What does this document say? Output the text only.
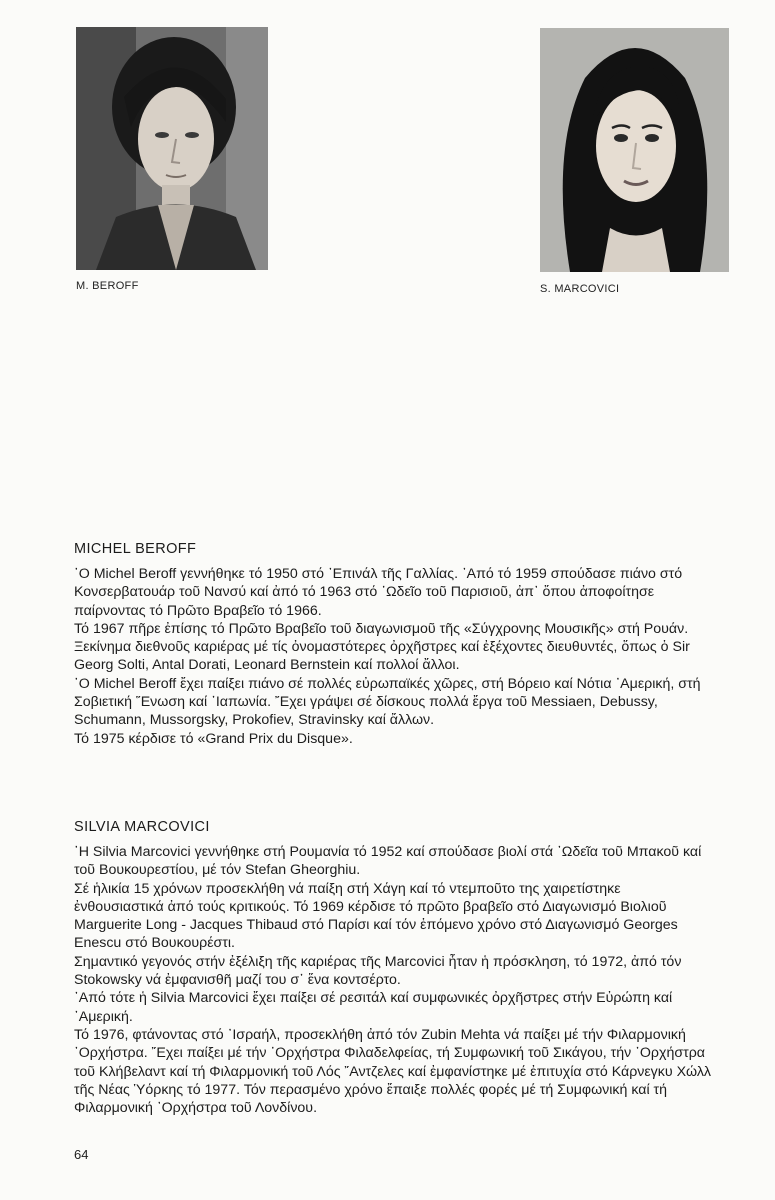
M. BEROFF	S. MARCOVICI
MICHEL BEROFF

῾Ο Michel Beroff γεννήθηκε τό 1950 στό ᾽Επινάλ τῆς Γαλλίας. ᾽Από τό 1959 σπούδασε πιάνο στό Κονσερβατουάρ τοῦ Νανσύ καί ἀπό τό 1963 στό ᾽Ωδεῖο τοῦ Παρισιοῦ, ἀπ᾽ ὅπου ἀποφοίτησε παίρνοντας τό Πρῶτο Βραβεῖο τό 1966.

Τό 1967 πῆρε ἐπίσης τό Πρῶτο Βραβεῖο τοῦ διαγωνισμοῦ τῆς «Σύγχρονης Μουσικῆς» στή Ρουάν. Ξεκίνημα διεθνοῦς καριέρας μέ τίς ὀνομαστότερες ὀρχῆστρες καί ἐξέχοντες διευθυντές, ὅπως ὁ Sir Georg Solti, Antal Dorati, Leonard Bernstein καί πολλοί ἄλλοι.

῾Ο Michel Beroff ἔχει παίξει πιάνο σέ πολλές εὐρωπαϊκές χῶρες, στή Βόρειο καί Νότια ᾽Αμερική, στή Σοβιετική ῞Ενωση καί ᾽Ιαπωνία. ῎Εχει γράψει σέ δίσκους πολλά ἔργα τοῦ Messiaen, Debussy, Schumann, Mussorgsky, Prokofiev, Stravinsky καί ἄλλων.

Τό 1975 κέρδισε τό «Grand Prix du Disque».

SILVIA MARCOVICI

῾Η Silvia Marcovici γεννήθηκε στή Ρουμανία τό 1952 καί σπούδασε βιολί στά ᾽Ωδεῖα τοῦ Μπακοῦ καί τοῦ Βουκουρεστίου, μέ τόν Stefan Gheorghiu.

Σέ ἡλικία 15 χρόνων προσεκλήθη νά παίξη στή Χάγη καί τό ντεμποῦτο της χαιρετίστηκε ἐνθουσιαστικά ἀπό τούς κριτικούς. Τό 1969 κέρδισε τό πρῶτο βραβεῖο στό Διαγωνισμό Βιολιοῦ Marguerite Long - Jacques Thibaud στό Παρίσι καί τόν ἑπόμενο χρόνο στό Διαγωνισμό Georges Enescu στό Βουκουρέστι.

Σημαντικό γεγονός στήν ἐξέλιξη τῆς καριέρας τῆς Marcovici ἦταν ἡ πρόσκληση, τό 1972, ἀπό τόν Stokowsky νά ἐμφανισθῆ μαζί του σ᾽ ἕνα κοντσέρτο.

᾽Από τότε ἡ Silvia Marcovici ἔχει παίξει σέ ρεσιτάλ καί συμφωνικές ὀρχῆστρες στήν Εὐρώπη καί ᾽Αμερική.

Τό 1976, φτάνοντας στό ᾽Ισραήλ, προσεκλήθη ἀπό τόν Zubin Mehta νά παίξει μέ τήν Φιλαρμονική ᾽Ορχήστρα. ῎Εχει παίξει μέ τήν ᾽Ορχήστρα Φιλαδελφείας, τή Συμφωνική τοῦ Σικάγου, τήν ᾽Ορχήστρα τοῦ Κλήβελαντ καί τή Φιλαρμονική τοῦ Λός ῎Αντζελες καί ἐμφανίστηκε μέ ἐπιτυχία στό Κάρνεγκυ Χώλλ τῆς Νέας Ὑόρκης τό 1977. Τόν περασμένο χρόνο ἔπαιξε πολλές φορές μέ τή Συμφωνική καί τή Φιλαρμονική ᾽Ορχήστρα τοῦ Λονδίνου.

64
